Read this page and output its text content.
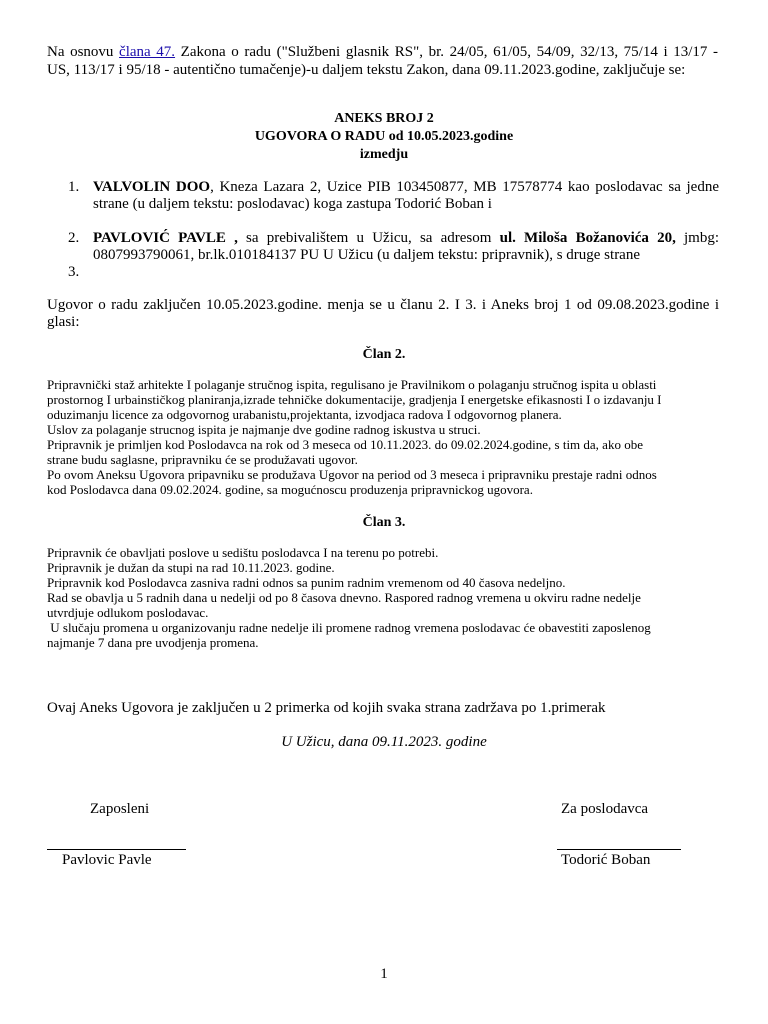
Na osnovu člana 47. Zakona o radu ("Službeni glasnik RS", br. 24/05, 61/05, 54/09, 32/13, 75/14 i 13/17 -
US, 113/17 i 95/18 - autentično tumačenje)-u daljem tekstu Zakon, dana 09.11.2023.godine, zaključuje se:
ANEKS BROJ 2
UGOVORA O RADU od 10.05.2023.godine
izmedju
1. VALVOLIN DOO, Kneza Lazara 2, Uzice PIB 103450877, MB 17578774 kao poslodavac sa jedne
strane (u daljem tekstu: poslodavac) koga zastupa Todorić Boban i
2. PAVLOVIĆ PAVLE , sa prebivalištem u Užicu, sa adresom ul. Miloša Božanovića 20, jmbg:
0807993790061, br.lk.010184137 PU U Užicu (u daljem tekstu: pripravnik), s druge strane
3.
Ugovor o radu zaključen 10.05.2023.godine. menja se u članu 2. I 3. i Aneks broj 1 od 09.08.2023.godine i
glasi:
Član 2.
Pripravnički staž arhitekte I polaganje stručnog ispita, regulisano je Pravilnikom o polaganju stručnog ispita u oblasti
prostornog I urbainstičkog planiranja,izrade tehničke dokumentacije, gradjenja I energetske efikasnosti I o izdavanju I
oduzimanju licence za odgovornog urabanistu,projektanta, izvodjaca radova I odgovornog planera.
Uslov za polaganje strucnog ispita je najmanje dve godine radnog iskustva u struci.
Pripravnik je primljen kod Poslodavca na rok od 3 meseca od 10.11.2023. do 09.02.2024.godine, s tim da, ako obe
strane budu saglasne, pripravniku će se produžavati ugovor.
Po ovom Aneksu Ugovora pripavniku se produžava Ugovor na period od 3 meseca i pripravniku prestaje radni odnos
kod Poslodavca dana 09.02.2024. godine, sa mogućnoscu produzenja pripravnickog ugovora.
Član 3.
Pripravnik će obavljati poslove u sedištu poslodavca I na terenu po potrebi.
Pripravnik je dužan da stupi na rad 10.11.2023. godine.
Pripravnik kod Poslodavca zasniva radni odnos sa punim radnim vremenom od 40 časova nedeljno.
Rad se obavlja u 5 radnih dana u nedelji od po 8 časova dnevno. Raspored radnog vremena u okviru radne nedelje
utvrdjuje odlukom poslodavac.
U slučaju promena u organizovanju radne nedelje ili promene radnog vremena poslodavac će obavestiti zaposlenog
najmanje 7 dana pre uvodjenja promena.
Ovaj Aneks Ugovora je zaključen u 2 primerka od kojih svaka strana zadržava po 1.primerak
U Užicu, dana 09.11.2023. godine
Zaposleni	Za poslodavca
Pavlovic Pavle	Todorić Boban
1
